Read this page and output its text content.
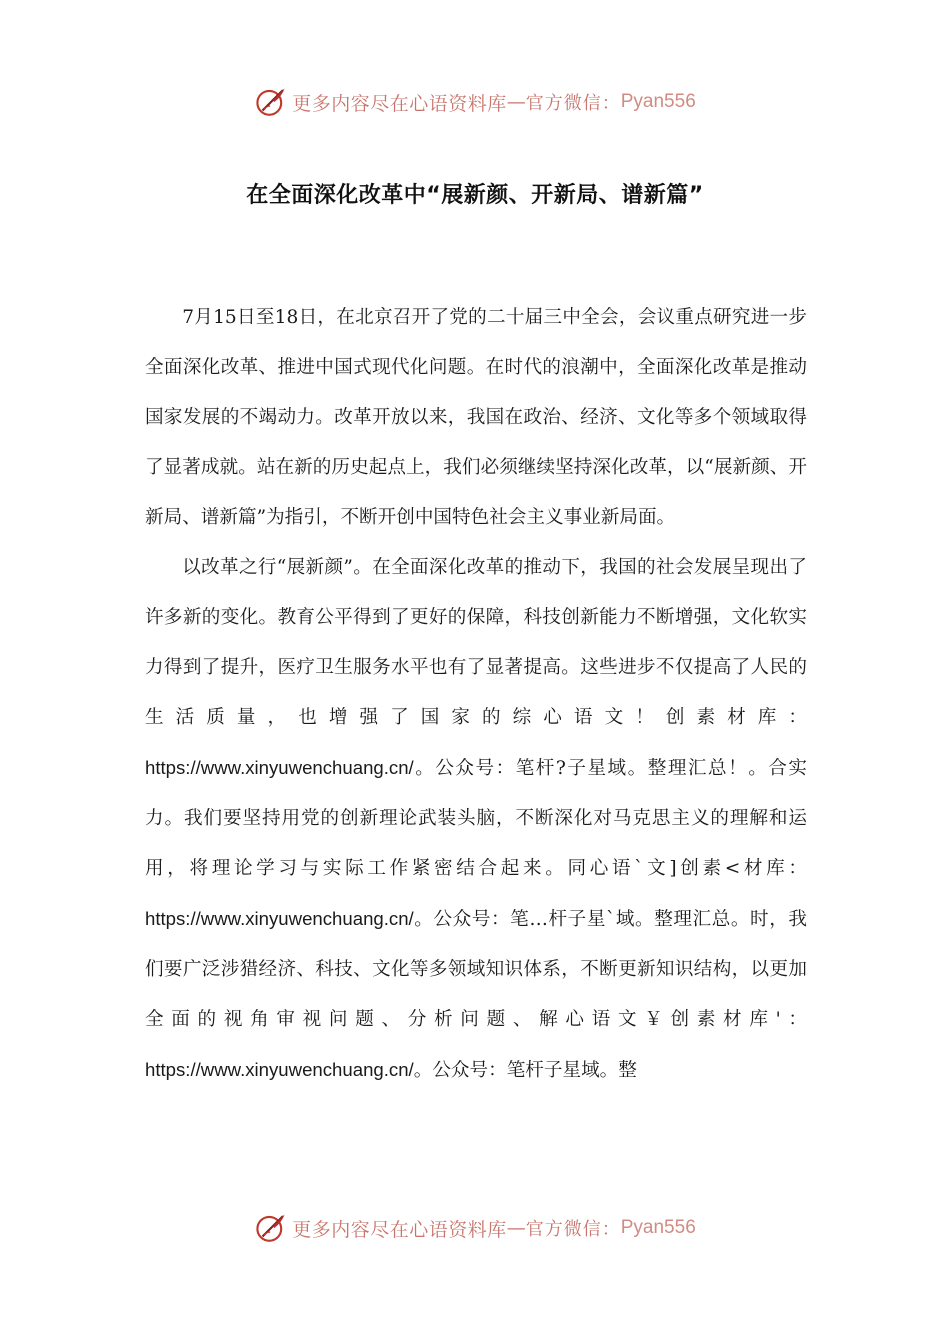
更多内容尽在心语资料库 — 官方微信： Pyan556
在全面深化改革中“展新颜、开新局、谱新篇”

7月15日至18日，在北京召开了党的二十届三中全会，会议重点研究进一步全面深化改革、推进中国式现代化问题。在时代的浪潮中，全面深化改革是推动国家发展的不竭动力。改革开放以来，我国在政治、经济、文化等多个领域取得了显著成就。站在新的历史起点上，我们必须继续坚持深化改革，以“展新颜、开新局、谱新篇”为指引，不断开创中国特色社会主义事业新局面。

以改革之行“展新颜”。在全面深化改革的推动下，我国的社会发展呈现出了许多新的变化。教育公平得到了更好的保障，科技创新能力不断增强，文化软实力得到了提升，医疗卫生服务水平也有了显著提高。这些进步不仅提高了人民的生活质量，也增强了国家的综心语文！创素材库：https://www.xinyuwenchuang.cn/。公众号：笔杆?子星域。整理汇总！。合实力。我们要坚持用党的创新理论武装头脑，不断深化对马克思主义的理解和运用，将理论学习与实际工作紧密结合起来。同心语`文]创素<材库：https://www.xinyuwenchuang.cn/。公众号：笔…杆子星`域。整理汇总。时，我们要广泛涉猎经济、科技、文化等多领域知识体系，不断更新知识结构，以更加全面的视角审视问题、分析问题、解心语文￥创素材库'：https://www.xinyuwenchuang.cn/。公众号：笔杆子星域。整

更多内容尽在心语资料库 — 官方微信： Pyan556
